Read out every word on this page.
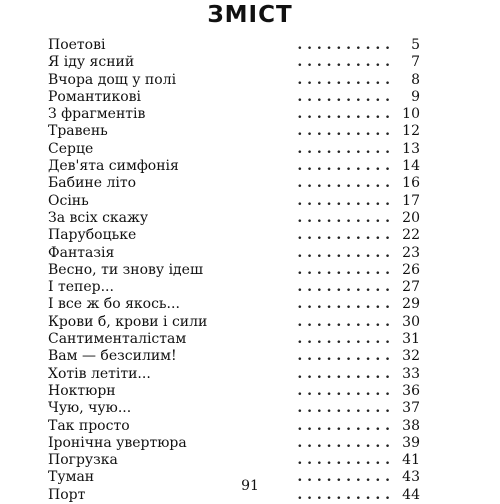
ЗМІСТ
. . . . . . . . . .
Поетові	5
. . . . . . . . . .
Я іду ясний	7
. . . . . . . . . .
Вчора дощ у полі	8
. . . . . . . . . .
Романтикові	9
. . . . . . . . . .
З фрагментів	10
. . . . . . . . . .
Травень	12
. . . . . . . . . .
Серце	13
. . . . . . . . . .
Дев'ята симфонія	14
. . . . . . . . . .
Бабине літо	16
. . . . . . . . . .
Осінь	17
. . . . . . . . . .
За всіх скажу	20
. . . . . . . . . .
Парубоцьке	22
. . . . . . . . . .
Фантазія	23
. . . . . . . . . .
Весно, ти знову ідеш	26
. . . . . . . . . .
І тепер...	27
. . . . . . . . . .
І все ж бо якось...	29
. . . . . . . . . .
Крови б, крови і сили	30
. . . . . . . . . .
Сантименталістам	31
. . . . . . . . . .
Вам — безсилим!	32
. . . . . . . . . .
Хотів летіти...	33
. . . . . . . . . .
Ноктюрн	36
. . . . . . . . . .
Чую, чую...	37
. . . . . . . . . .
Так просто	38
. . . . . . . . . .
Іронічна увертюра	39
. . . . . . . . . .
Погрузка	41
. . . . . . . . . .
Туман	43
. . . . . . . . . .
Порт	44
91
